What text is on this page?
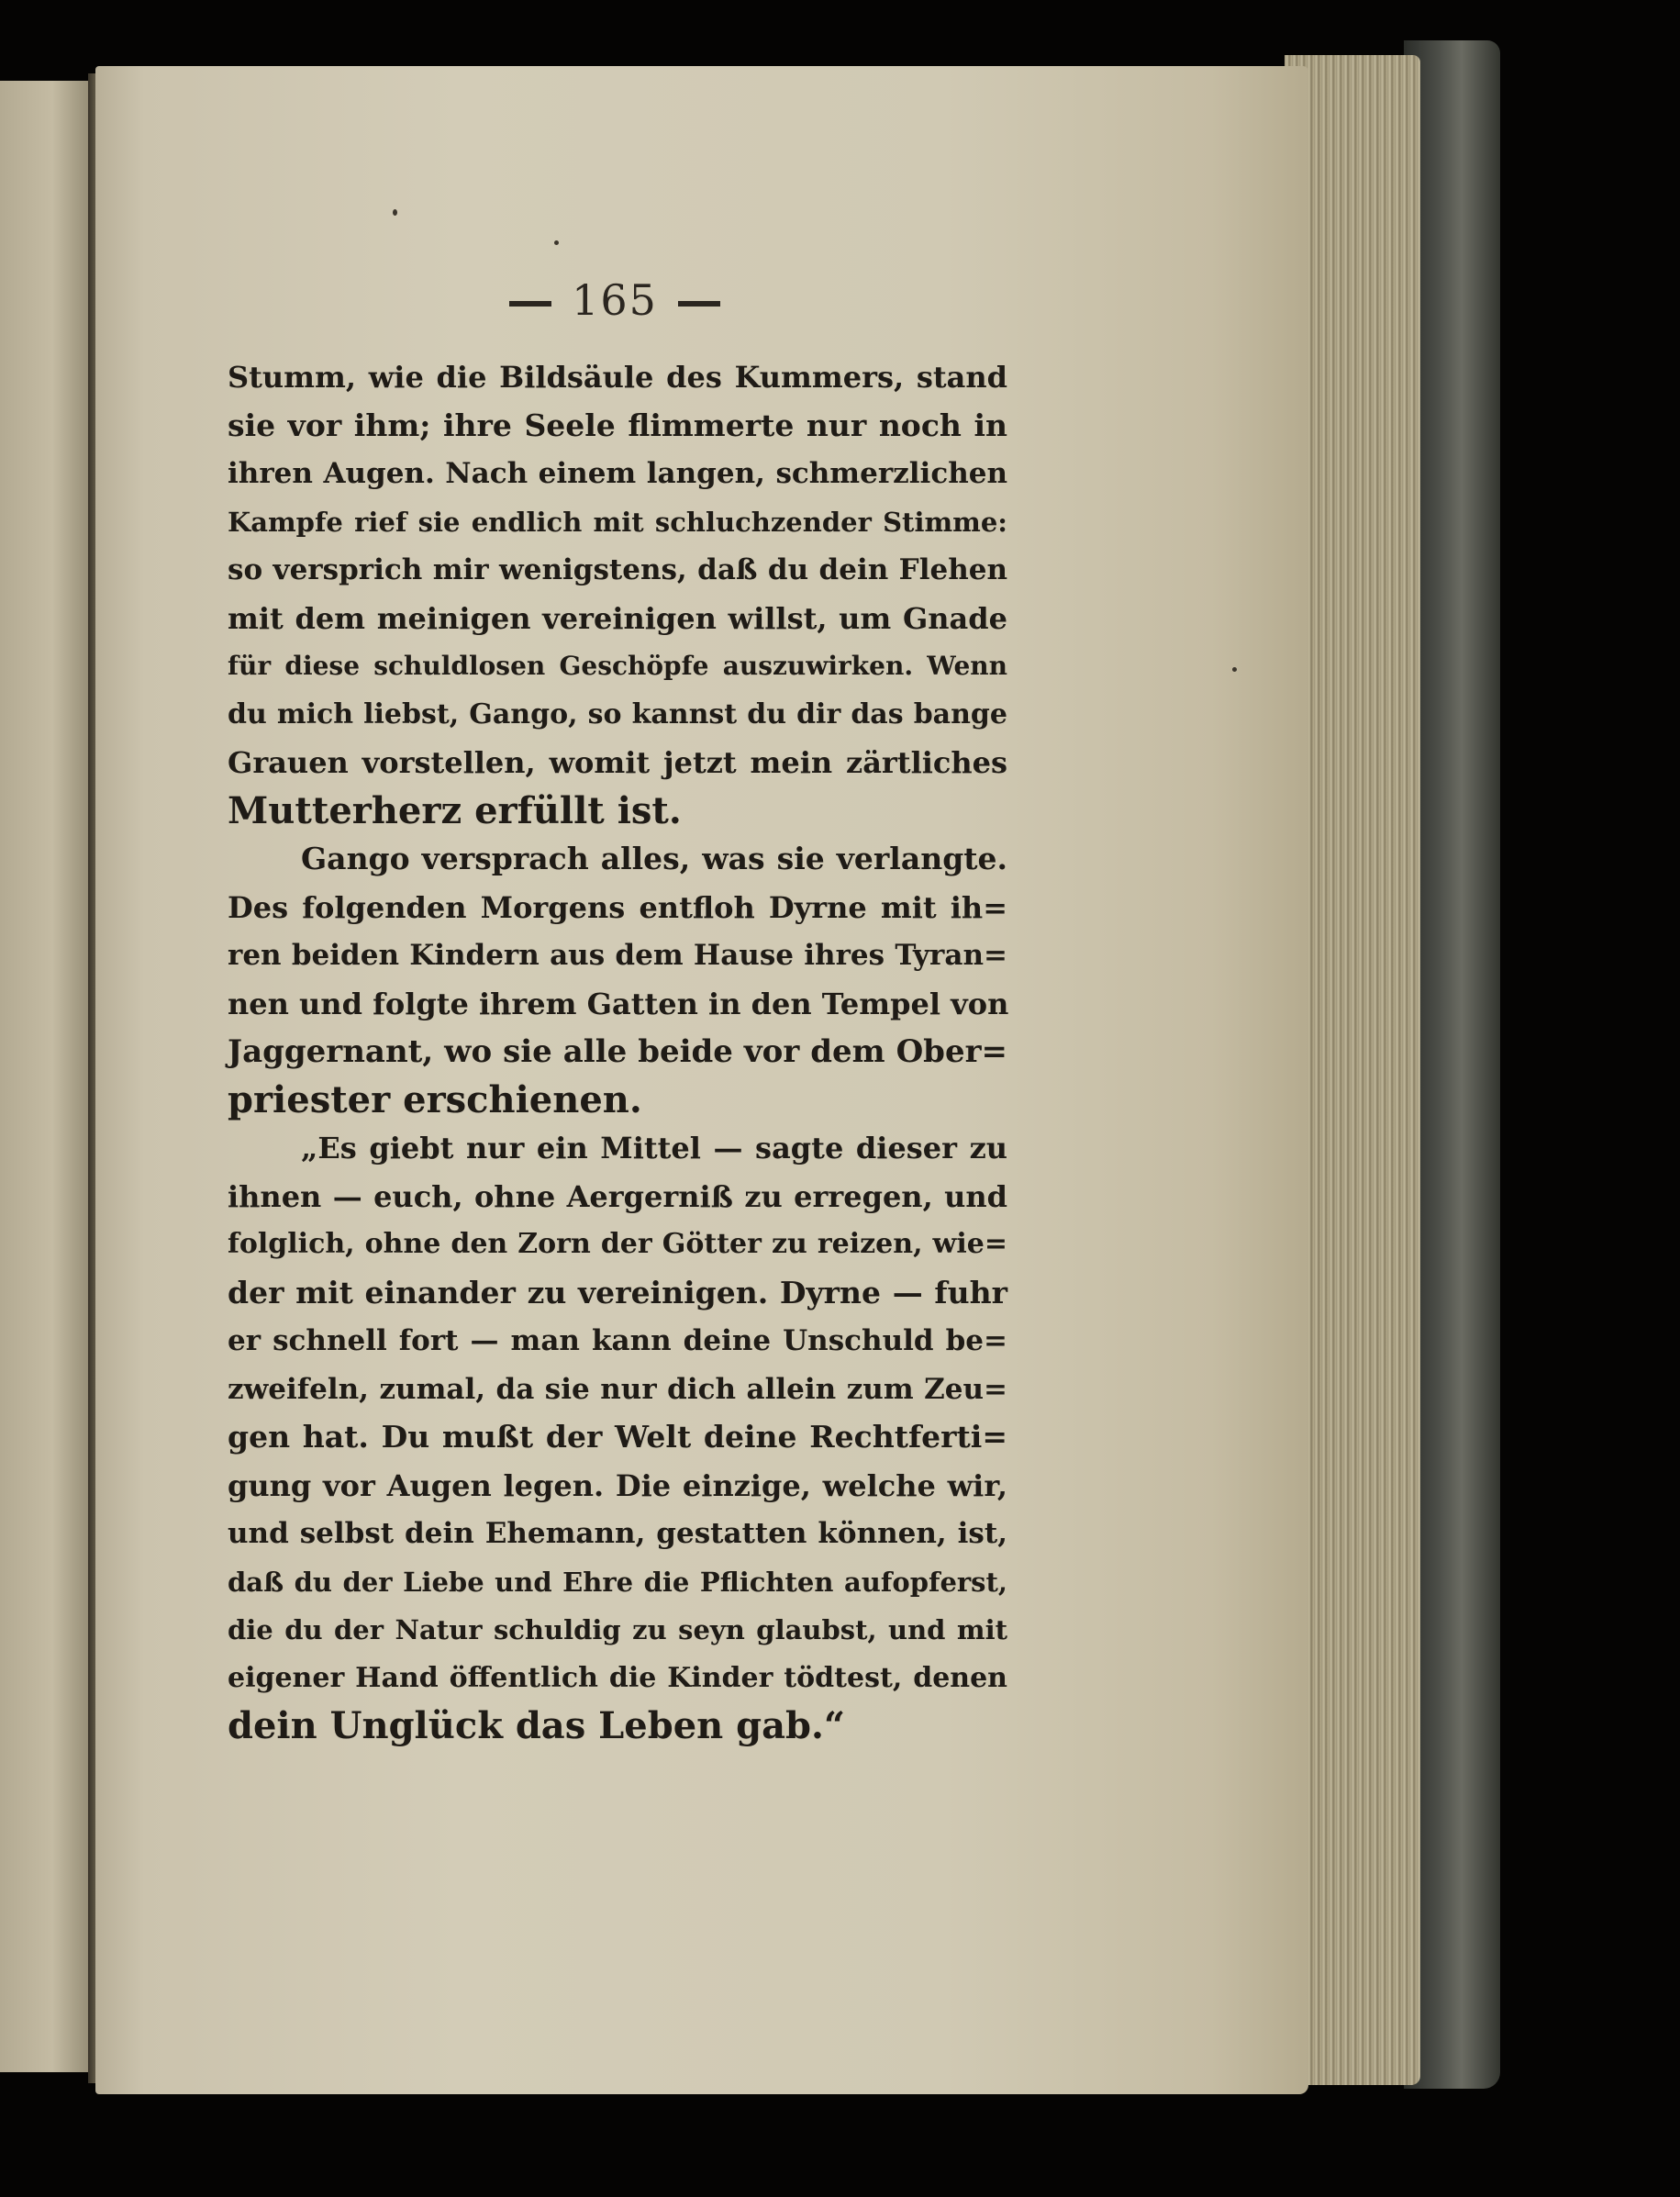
165
Stumm, wie die Bildsäule des Kummers, stand
sie vor ihm; ihre Seele flimmerte nur noch in
ihren Augen. Nach einem langen, schmerzlichen
Kampfe rief sie endlich mit schluchzender Stimme:
so versprich mir wenigstens, daß du dein Flehen
mit dem meinigen vereinigen willst, um Gnade
für diese schuldlosen Geschöpfe auszuwirken. Wenn
du mich liebst, Gango, so kannst du dir das bange
Grauen vorstellen, womit jetzt mein zärtliches
Mutterherz erfüllt ist.
Gango versprach alles, was sie verlangte.
Des folgenden Morgens entfloh Dyrne mit ih=
ren beiden Kindern aus dem Hause ihres Tyran=
nen und folgte ihrem Gatten in den Tempel von
Jaggernant, wo sie alle beide vor dem Ober=
priester erschienen.
„Es giebt nur ein Mittel — sagte dieser zu
ihnen — euch, ohne Aergerniß zu erregen, und
folglich, ohne den Zorn der Götter zu reizen, wie=
der mit einander zu vereinigen. Dyrne — fuhr
er schnell fort — man kann deine Unschuld be=
zweifeln, zumal, da sie nur dich allein zum Zeu=
gen hat. Du mußt der Welt deine Rechtferti=
gung vor Augen legen. Die einzige, welche wir,
und selbst dein Ehemann, gestatten können, ist,
daß du der Liebe und Ehre die Pflichten aufopferst,
die du der Natur schuldig zu seyn glaubst, und mit
eigener Hand öffentlich die Kinder tödtest, denen
dein Unglück das Leben gab.“
